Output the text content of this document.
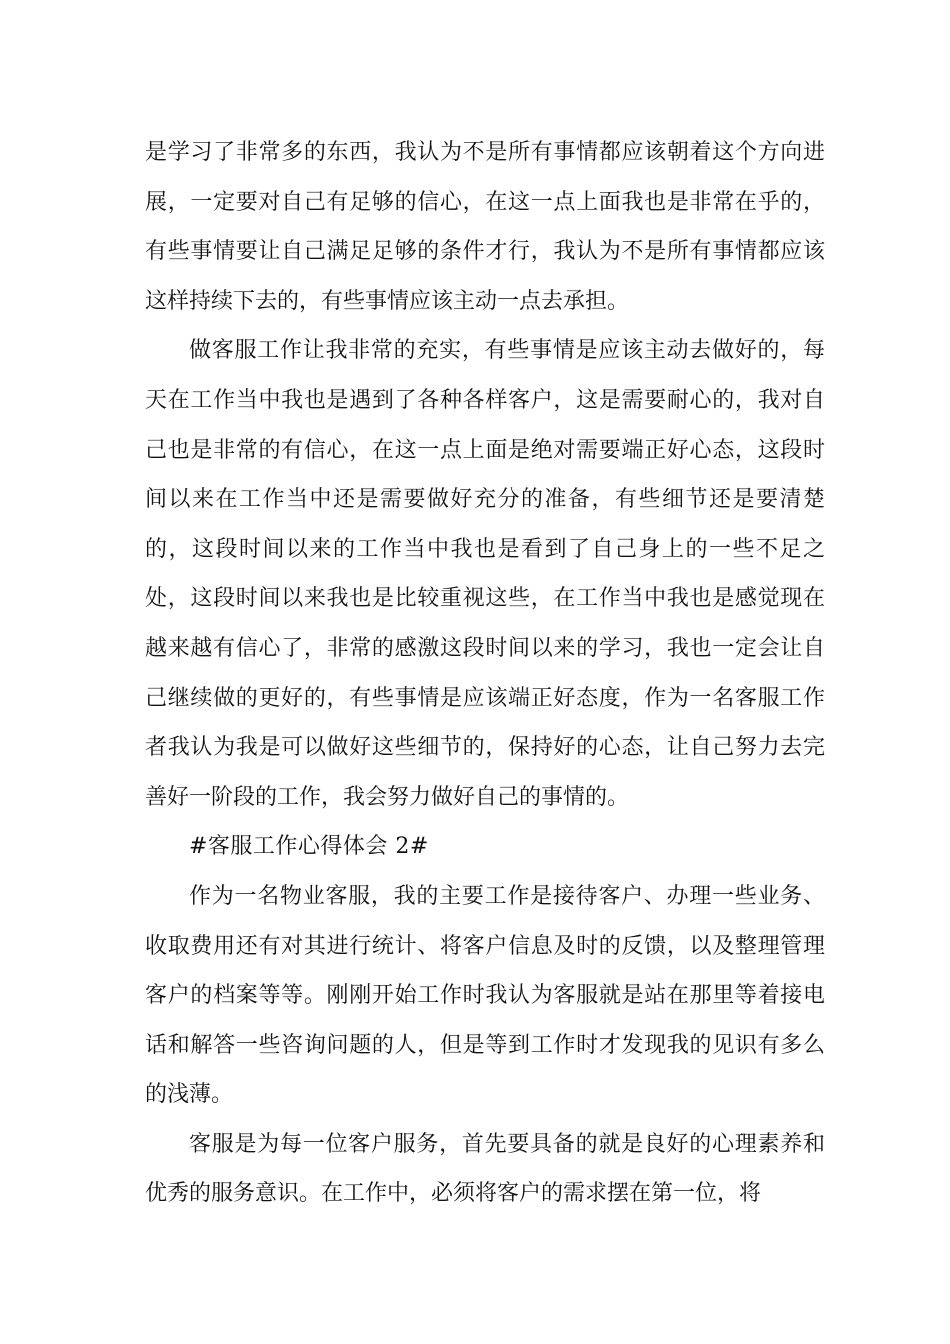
是学习了非常多的东西，我认为不是所有事情都应该朝着这个方向进展，一定要对自己有足够的信心，在这一点上面我也是非常在乎的，有些事情要让自己满足足够的条件才行，我认为不是所有事情都应该这样持续下去的，有些事情应该主动一点去承担。

做客服工作让我非常的充实，有些事情是应该主动去做好的，每天在工作当中我也是遇到了各种各样客户，这是需要耐心的，我对自己也是非常的有信心，在这一点上面是绝对需要端正好心态，这段时间以来在工作当中还是需要做好充分的准备，有些细节还是要清楚的，这段时间以来的工作当中我也是看到了自己身上的一些不足之处，这段时间以来我也是比较重视这些，在工作当中我也是感觉现在越来越有信心了，非常的感激这段时间以来的学习，我也一定会让自己继续做的更好的，有些事情是应该端正好态度，作为一名客服工作者我认为我是可以做好这些细节的，保持好的心态，让自己努力去完善好一阶段的工作，我会努力做好自己的事情的。

#客服工作心得体会 2#

作为一名物业客服，我的主要工作是接待客户、办理一些业务、收取费用还有对其进行统计、将客户信息及时的反馈，以及整理管理客户的档案等等。刚刚开始工作时我认为客服就是站在那里等着接电话和解答一些咨询问题的人，但是等到工作时才发现我的见识有多么的浅薄。

客服是为每一位客户服务，首先要具备的就是良好的心理素养和优秀的服务意识。在工作中，必须将客户的需求摆在第一位，将
